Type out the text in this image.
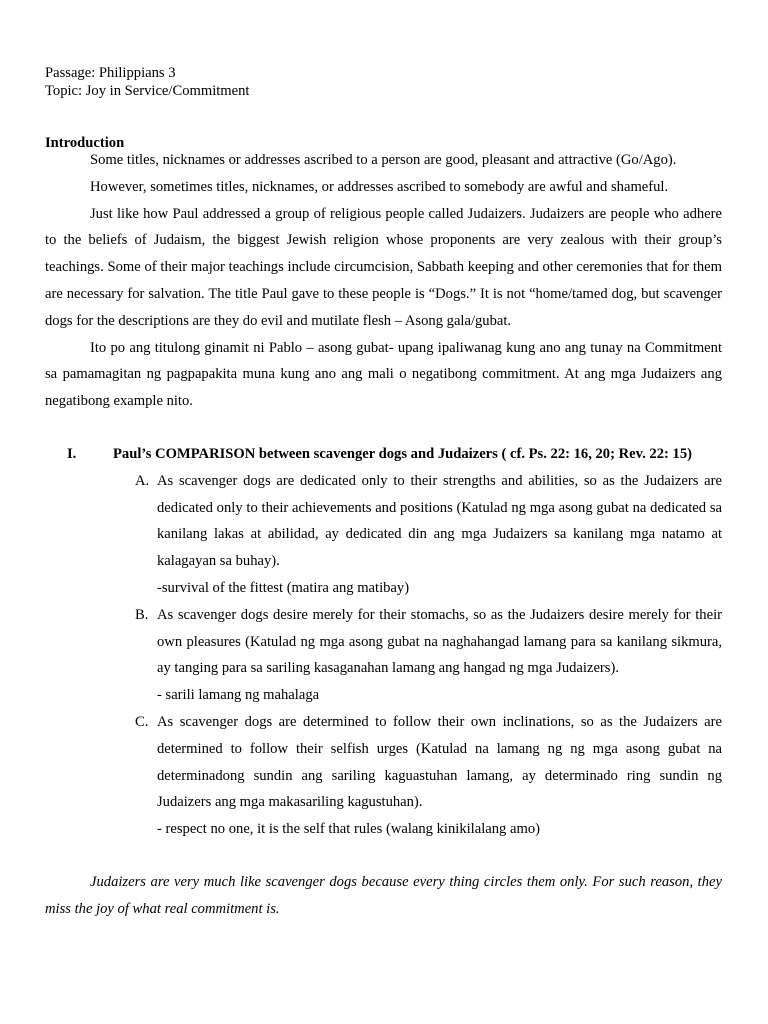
Passage: Philippians 3

Topic: Joy in Service/Commitment

Introduction

Some titles, nicknames or addresses ascribed to a person are good, pleasant and attractive (Go/Ago).

However, sometimes titles, nicknames, or addresses ascribed to somebody are awful and shameful.

Just like how Paul addressed a group of religious people called Judaizers. Judaizers are people who adhere to the beliefs of Judaism, the biggest Jewish religion whose proponents are very zealous with their group’s teachings. Some of their major teachings include circumcision, Sabbath keeping and other ceremonies that for them are necessary for salvation. The title Paul gave to these people is “Dogs.” It is not “home/tamed dog, but scavenger dogs for the descriptions are they do evil and mutilate flesh – Asong gala/gubat.

Ito po ang titulong ginamit ni Pablo – asong gubat- upang ipaliwanag kung ano ang tunay na Commitment sa pamamagitan ng pagpapakita muna kung ano ang mali o negatibong commitment. At ang mga Judaizers ang negatibong example nito.

I.	Paul’s COMPARISON between scavenger dogs and Judaizers ( cf. Ps. 22: 16, 20; Rev. 22: 15)
A. As scavenger dogs are dedicated only to their strengths and abilities, so as the Judaizers are dedicated only to their achievements and positions (Katulad ng mga asong gubat na dedicated sa kanilang lakas at abilidad, ay dedicated din ang mga Judaizers sa kanilang mga natamo at kalagayan sa buhay).

-survival of the fittest (matira ang matibay)

B. As scavenger dogs desire merely for their stomachs, so as the Judaizers desire merely for their own pleasures (Katulad ng mga asong gubat na naghahangad lamang para sa kanilang sikmura, ay tanging para sa sariling kasaganahan lamang ang hangad ng mga Judaizers).

- sarili lamang ng mahalaga

C. As scavenger dogs are determined to follow their own inclinations, so as the Judaizers are determined to follow their selfish urges (Katulad na lamang ng ng mga asong gubat na determinadong sundin ang sariling kaguastuhan lamang, ay determinado ring sundin ng Judaizers ang mga makasariling kagustuhan).

- respect no one, it is the self that rules (walang kinikilalang amo)

Judaizers are very much like scavenger dogs because every thing circles them only. For such reason, they miss the joy of what real commitment is.
